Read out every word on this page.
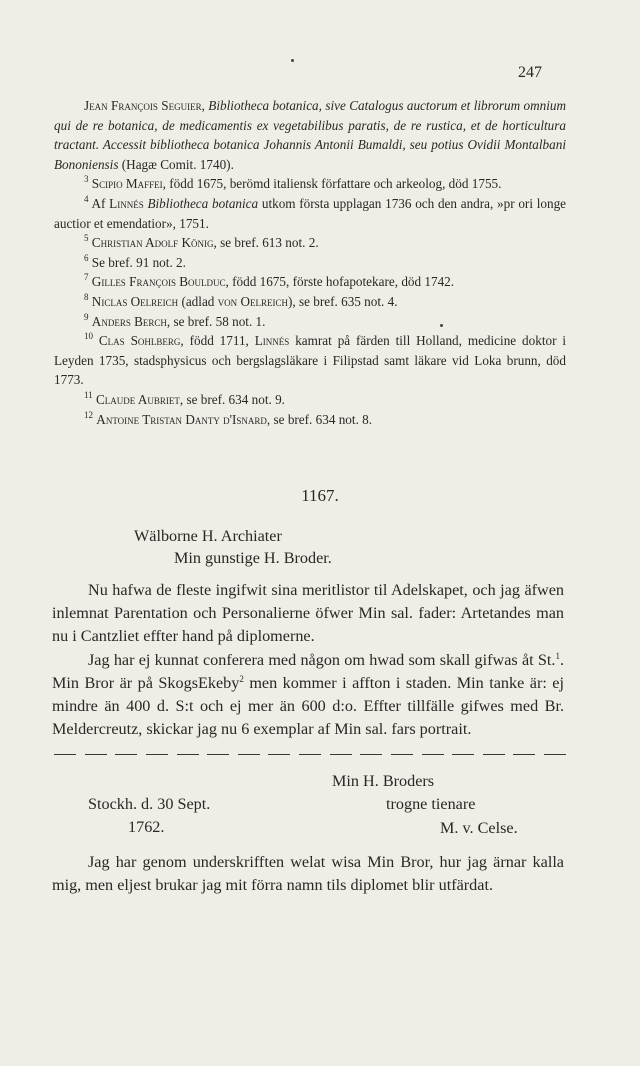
247

Jean François Seguier, Bibliotheca botanica, sive Catalogus auctorum et librorum omnium qui de re botanica, de medicamentis ex vegetabilibus paratis, de re rustica, et de horticultura tractant. Accessit bibliotheca botanica Johannis Antonii Bumaldi, seu potius Ovidii Montalbani Bononiensis (Hagæ Comit. 1740).

$^3$ Scipio Maffei, född 1675, berömd italiensk författare och arkeolog, död 1755.

$^4$ Af Linnés Bibliotheca botanica utkom första upplagan 1736 och den andra, »pr ori longe auctior et emendatior», 1751.

$^5$ Christian Adolf König, se bref. 613 not. 2.

$^6$ Se bref. 91 not. 2.

$^7$ Gilles François Boulduc, född 1675, förste hofapotekare, död 1742.

$^8$ Niclas Oelreich (adlad von Oelreich), se bref. 635 not. 4.

$^9$ Anders Berch, se bref. 58 not. 1.

$^{10}$ Clas Sohlberg, född 1711, Linnés kamrat på färden till Holland, medicine doktor i Leyden 1735, stadsphysicus och bergslagsläkare i Filipstad samt läkare vid Loka brunn, död 1773.

$^{11}$ Claude Aubriet, se bref. 634 not. 9.

$^{12}$ Antoine Tristan Danty d'Isnard, se bref. 634 not. 8.

1167.
Wälborne H. Archiater
Min gunstige H. Broder.

Nu hafwa de fleste ingifwit sina meritlistor til Adelskapet, och jag äfwen inlemnat Parentation och Personalierne öfwer Min sal. fader: Artetandes man nu i Cantzliet effter hand på diplomerne.

Jag har ej kunnat conferera med någon om hwad som skall gifwas åt St.$^1$. Min Bror är på SkogsEkeby$^2$ men kommer i affton i staden. Min tanke är: ej mindre än 400 d. S:t och ej mer än 600 d:o. Effter tillfälle gifwes med Br. Meldercreutz, skickar jag nu 6 exemplar af Min sal. fars portrait.

Min H. Broders
Stockh. d. 30 Sept.	trogne tienare
1762.	M. v. Celse.

Jag har genom underskrifften welat wisa Min Bror, hur jag ärnar kalla mig, men eljest brukar jag mit förra namn tils diplomet blir utfärdat.
